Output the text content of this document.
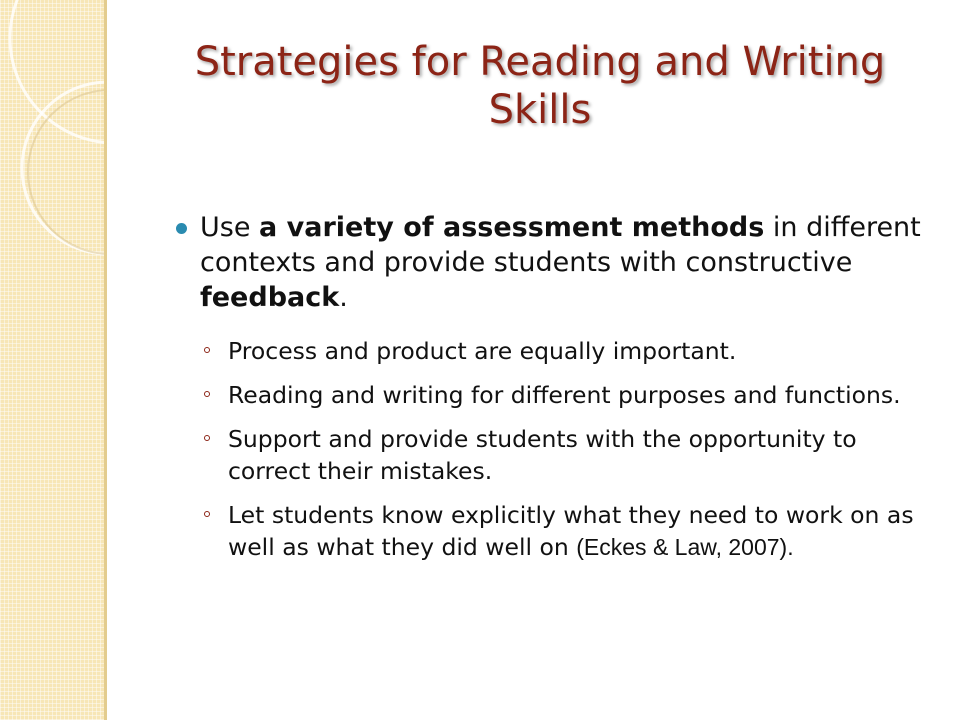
Strategies for Reading and Writing Skills
Use a variety of assessment methods in different contexts and provide students with constructive feedback.
Process and product are equally important.
Reading and writing for different purposes and functions.
Support and provide students with the opportunity to correct their mistakes.
Let students know explicitly what they need to work on as well as what they did well on (Eckes & Law, 2007).
